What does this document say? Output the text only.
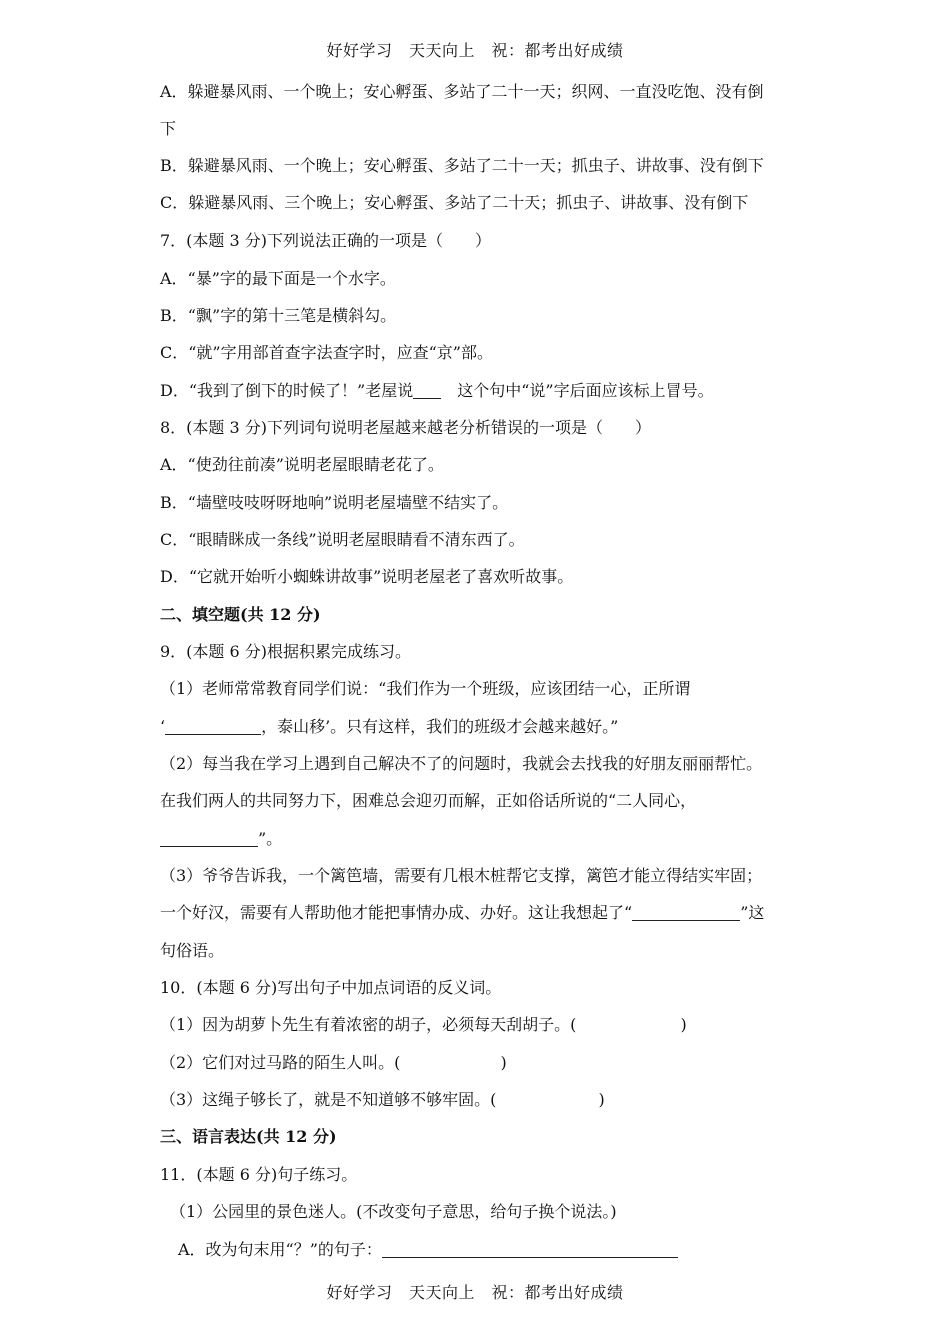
好好学习　天天向上　祝：都考出好成绩
A．躲避暴风雨、一个晚上；安心孵蛋、多站了二十一天；织网、一直没吃饱、没有倒
下
B．躲避暴风雨、一个晚上；安心孵蛋、多站了二十一天；抓虫子、讲故事、没有倒下
C．躲避暴风雨、三个晚上；安心孵蛋、多站了二十天；抓虫子、讲故事、没有倒下
7．(本题 3 分)下列说法正确的一项是（　　）
A．“暴”字的最下面是一个水字。
B．“飘”字的第十三笔是横斜勾。
C．“就”字用部首查字法查字时，应查“京”部。
D．“我到了倒下的时候了！”老屋说　	这个句中“说”字后面应该标上冒号。
8．(本题 3 分)下列词句说明老屋越来越老分析错误的一项是（　　）
A．“使劲往前凑”说明老屋眼睛老花了。
B．“墙壁吱吱呀呀地响”说明老屋墙壁不结实了。
C．“眼睛眯成一条线”说明老屋眼睛看不清东西了。
D．“它就开始听小蜘蛛讲故事”说明老屋老了喜欢听故事。
二、填空题(共 12 分)
9．(本题 6 分)根据积累完成练习。
（1）老师常常教育同学们说：“我们作为一个班级，应该团结一心，正所谓
‘	，泰山移’。只有这样，我们的班级才会越来越好。”
（2）每当我在学习上遇到自己解决不了的问题时，我就会去找我的好朋友丽丽帮忙。
在我们两人的共同努力下，困难总会迎刃而解，正如俗话所说的“二人同心，
”。
（3）爷爷告诉我，一个篱笆墙，需要有几根木桩帮它支撑，篱笆才能立得结实牢固；
一个好汉，需要有人帮助他才能把事情办成、办好。这让我想起了“	”这
句俗语。
10．(本题 6 分)写出句子中加点词语的反义词。
（1）因为胡萝卜先生有着浓密的胡子，必须每天刮胡子。(	)
（2）它们对过马路的陌生人叫。(	)
（3）这绳子够长了，就是不知道够不够牢固。(	)
三、语言表达(共 12 分)
11．(本题 6 分)句子练习。
（1）公园里的景色迷人。(不改变句子意思，给句子换个说法。)
A．改为句末用“？”的句子：
好好学习　天天向上　祝：都考出好成绩
